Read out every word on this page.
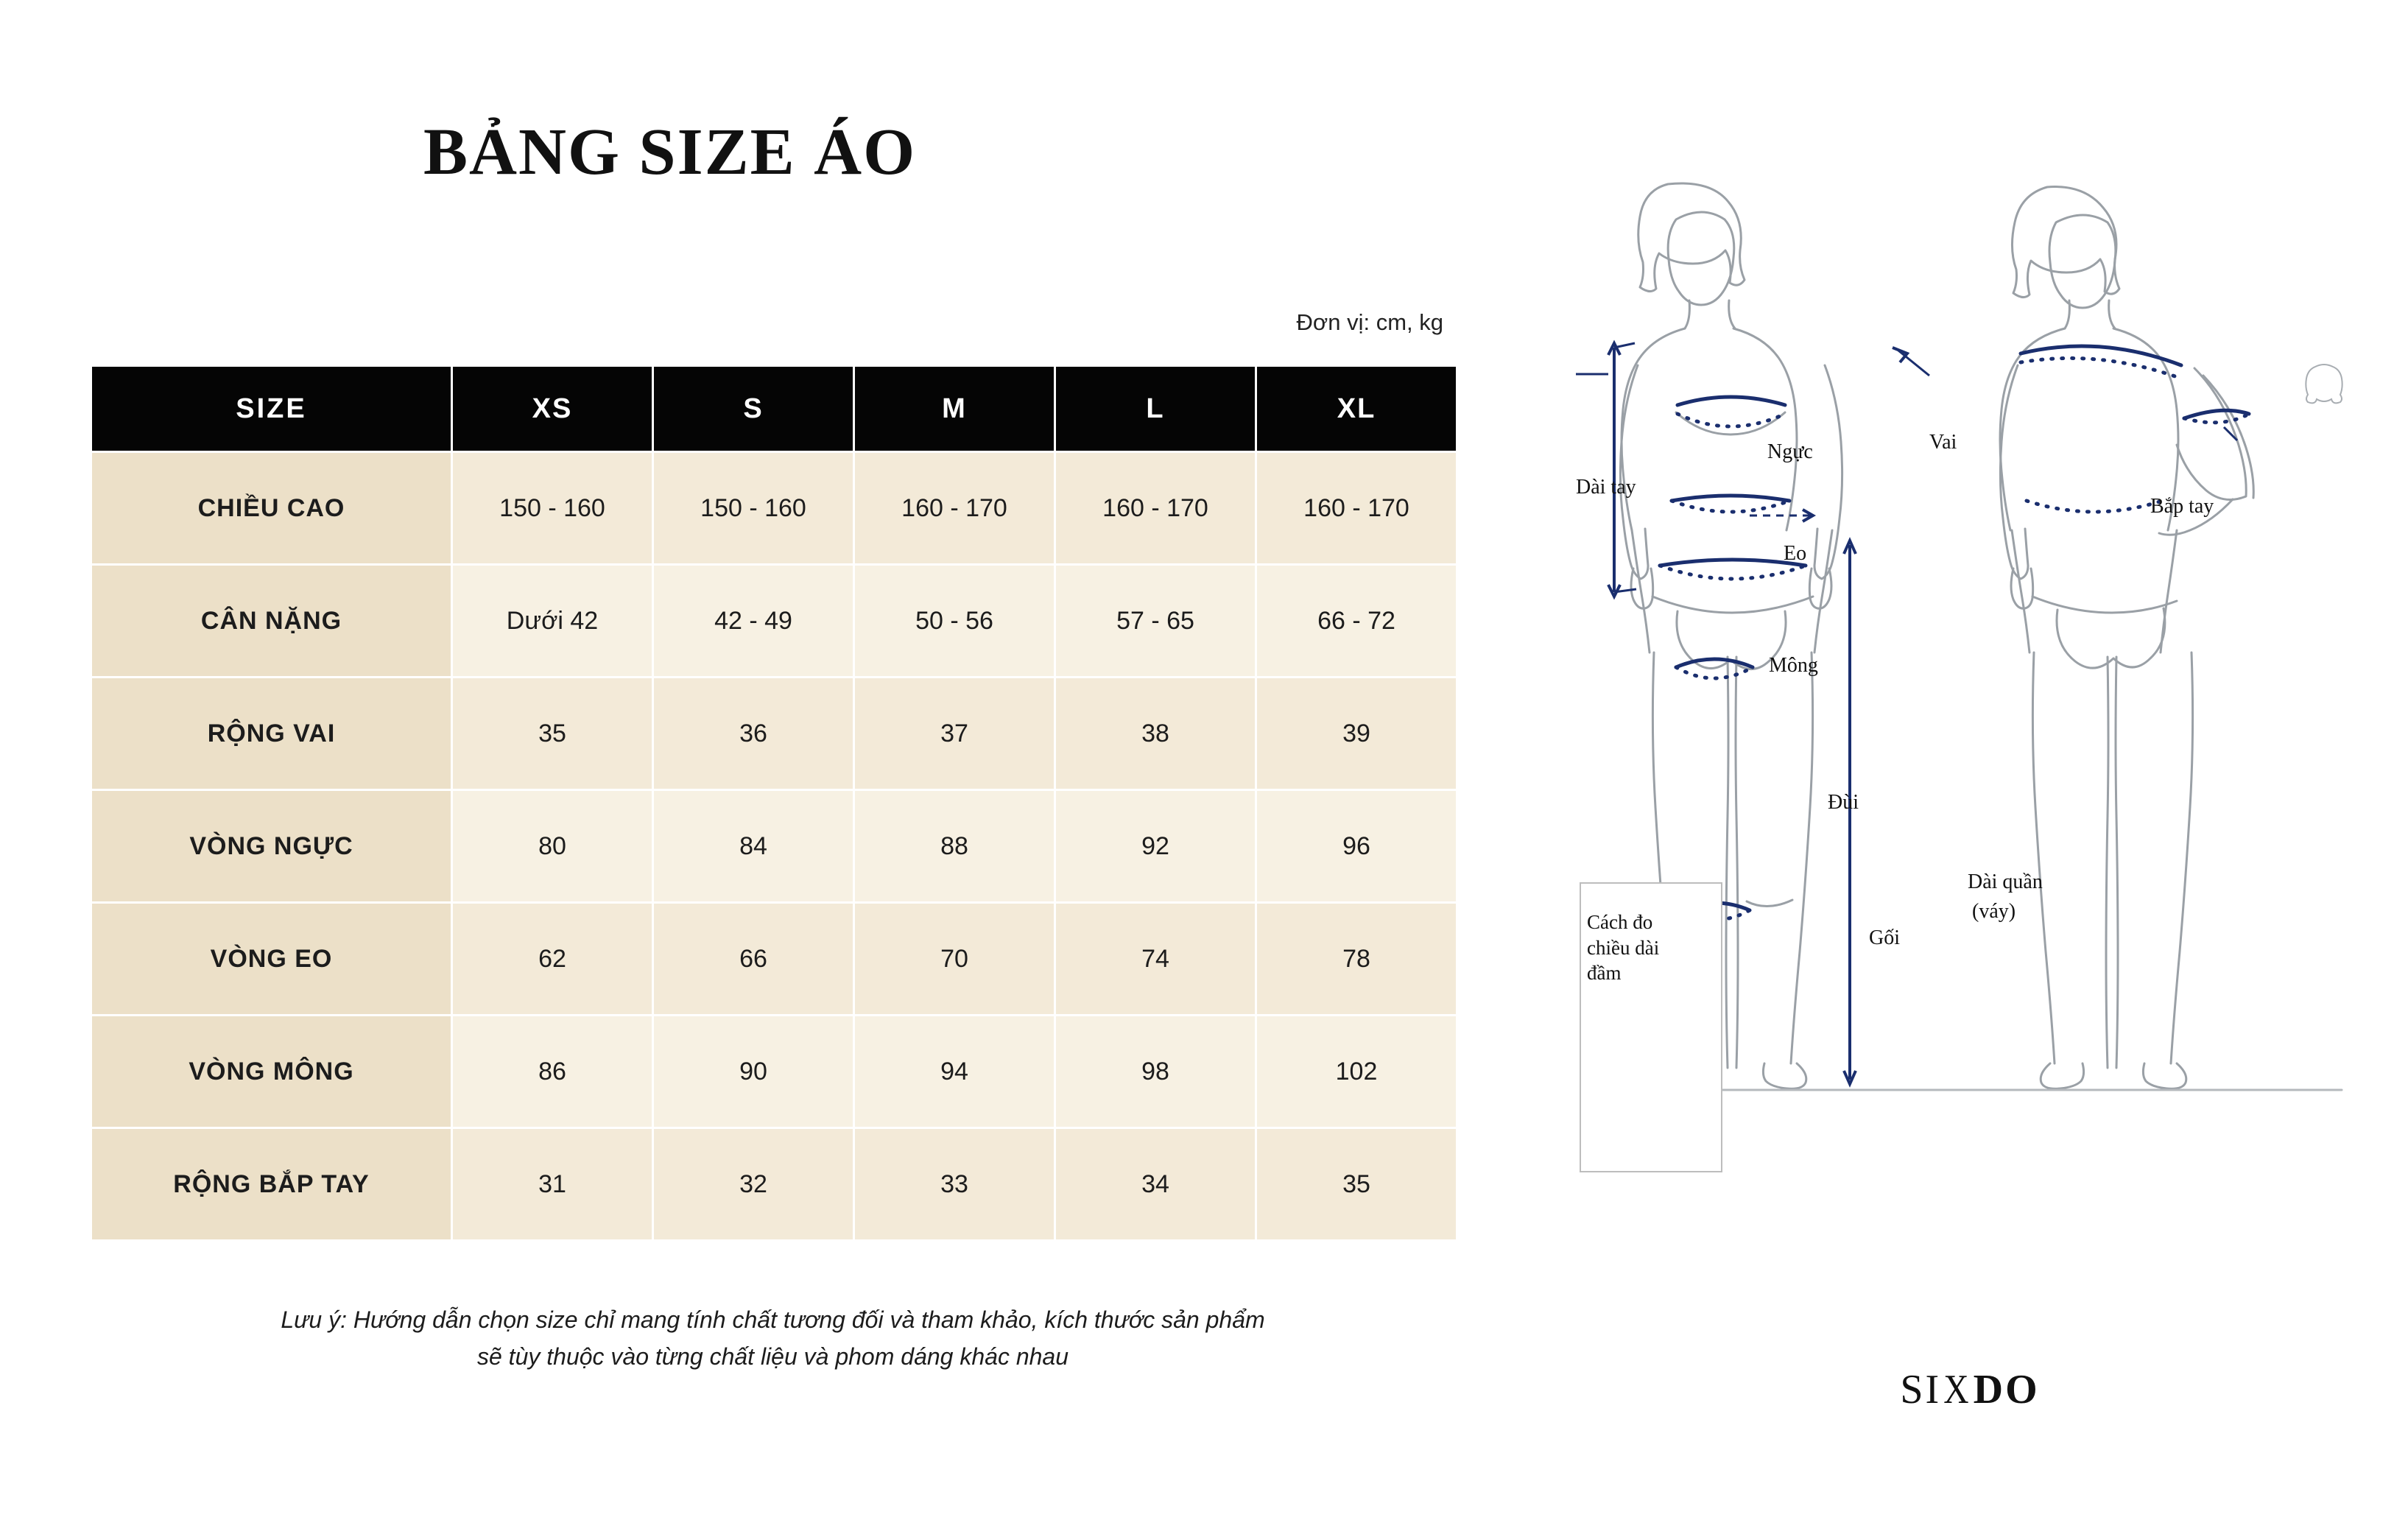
BẢNG SIZE ÁO
Đơn vị: cm, kg
SIZE	XS	S	M	L	XL
CHIỀU CAO	150 - 160	150 - 160	160 - 170	160 - 170	160 - 170
CÂN NẶNG	Dưới 42	42 - 49	50 - 56	57 - 65	66 - 72
RỘNG VAI	35	36	37	38	39
VÒNG NGỰC	80	84	88	92	96
VÒNG EO	62	66	70	74	78
VÒNG MÔNG	86	90	94	98	102
RỘNG BẮP TAY	31	32	33	34	35
Lưu ý: Hướng dẫn chọn size chỉ mang tính chất tương đối và tham khảo, kích thước sản phẩm
sẽ tùy thuộc vào từng chất liệu và phom dáng khác nhau
SIXDO
Dài tay
Ngực
Eo
Mông
Đùi
Gối
Vai
Bắp tay
Dài quần
(váy)
Cách đo chiều dài đầm
